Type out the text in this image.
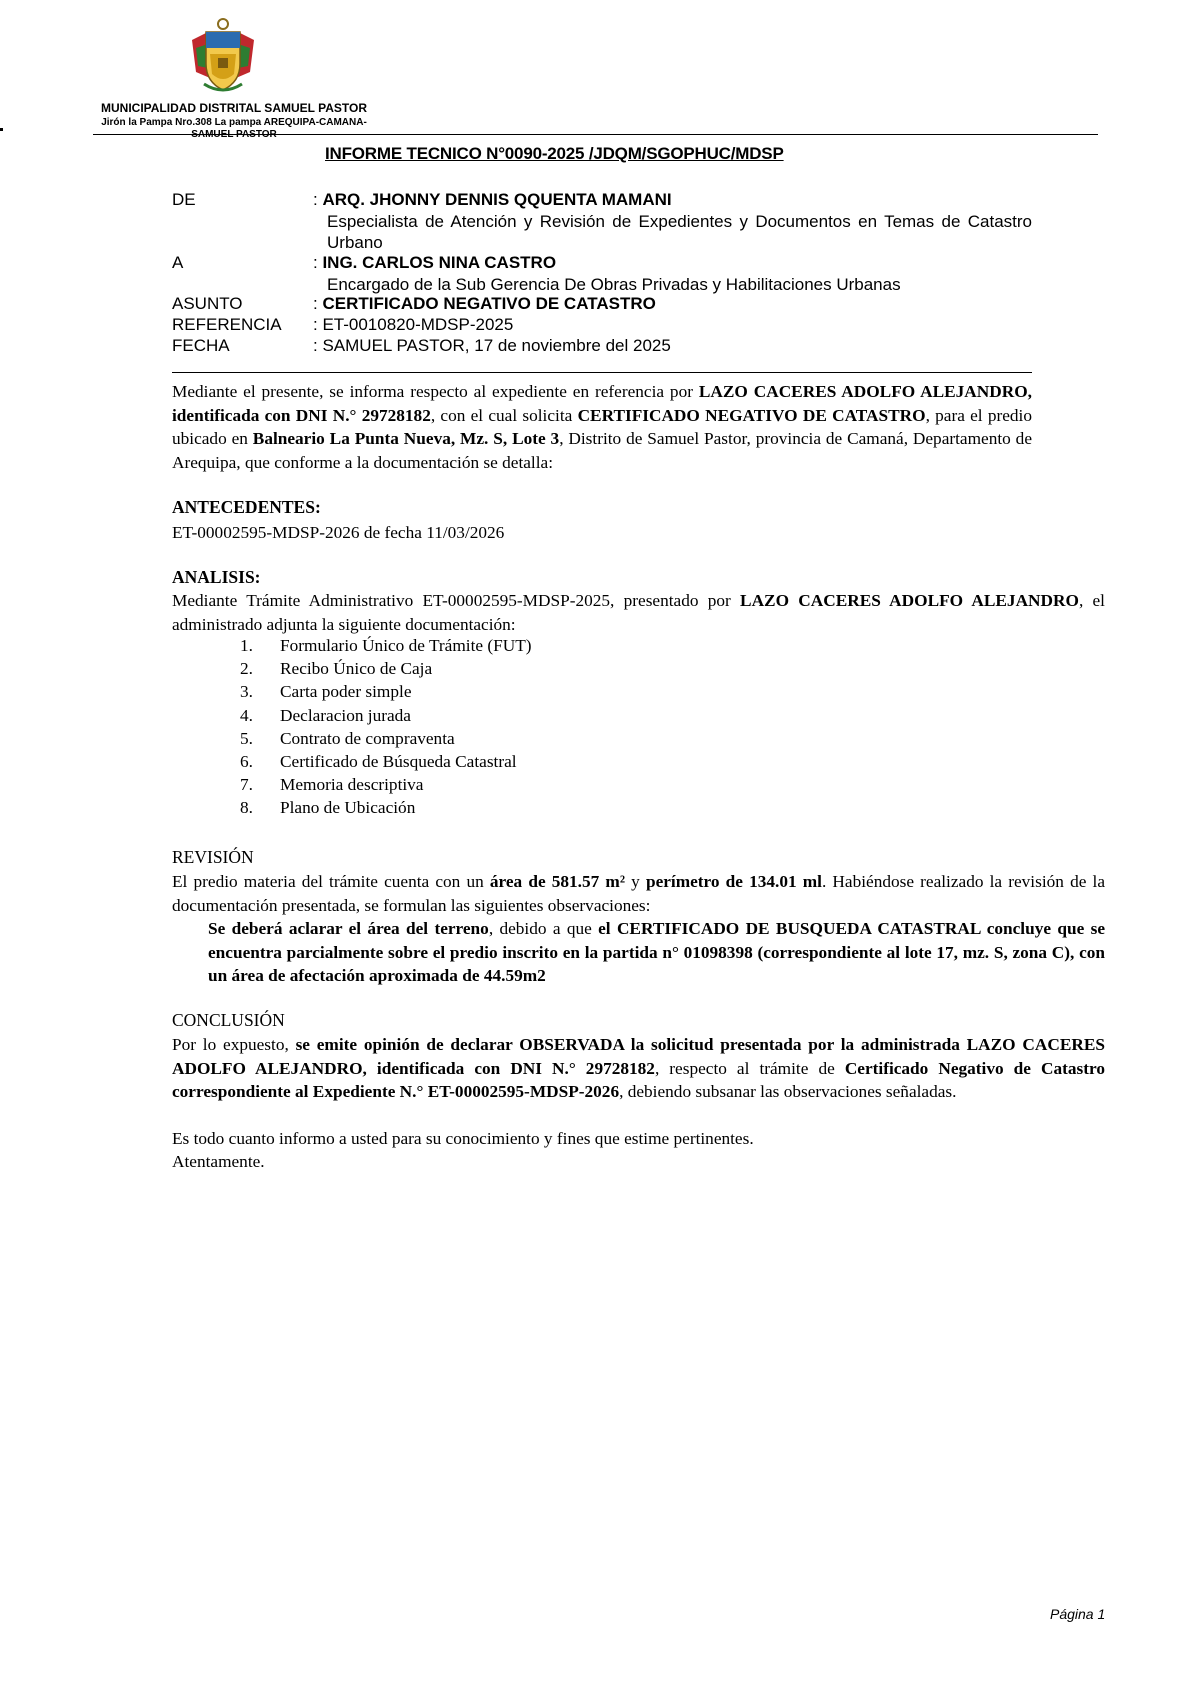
MUNICIPALIDAD DISTRITAL SAMUEL PASTOR
Jirón la Pampa Nro.308 La pampa AREQUIPA-CAMANA-
SAMUEL PASTOR
INFORME TECNICO N°0090-2025 /JDQM/SGOPHUC/MDSP
DE	: ARQ. JHONNY DENNIS QQUENTA MAMANI
Especialista de Atención y Revisión de Expedientes y Documentos en Temas de Catastro Urbano
A	: ING. CARLOS NINA CASTRO
Encargado de la Sub Gerencia De Obras Privadas y Habilitaciones Urbanas
ASUNTO	: CERTIFICADO NEGATIVO DE CATASTRO
REFERENCIA : ET-0010820-MDSP-2025
FECHA	: SAMUEL PASTOR, 17 de noviembre del 2025
Mediante el presente, se informa respecto al expediente en referencia por LAZO CACERES ADOLFO ALEJANDRO, identificada con DNI N.° 29728182, con el cual solicita CERTIFICADO NEGATIVO DE CATASTRO, para el predio ubicado en Balneario La Punta Nueva, Mz. S, Lote 3, Distrito de Samuel Pastor, provincia de Camaná, Departamento de Arequipa, que conforme a la documentación se detalla:
ANTECEDENTES:
ET-00002595-MDSP-2026 de fecha 11/03/2026
ANALISIS:
Mediante Trámite Administrativo ET-00002595-MDSP-2025, presentado por LAZO CACERES ADOLFO ALEJANDRO, el administrado adjunta la siguiente documentación:
1.	Formulario Único de Trámite (FUT)
2.	Recibo Único de Caja
3.	Carta poder simple
4.	Declaracion jurada
5.	Contrato de compraventa
6.	Certificado de Búsqueda Catastral
7.	Memoria descriptiva
8.	Plano de Ubicación
REVISIÓN
El predio materia del trámite cuenta con un área de 581.57 m² y perímetro de 134.01 ml. Habiéndose realizado la revisión de la documentación presentada, se formulan las siguientes observaciones:
Se deberá aclarar el área del terreno, debido a que el CERTIFICADO DE BUSQUEDA CATASTRAL concluye que se encuentra parcialmente sobre el predio inscrito en la partida n° 01098398 (correspondiente al lote 17, mz. S, zona C), con un área de afectación aproximada de 44.59m2
CONCLUSIÓN
Por lo expuesto, se emite opinión de declarar OBSERVADA la solicitud presentada por la administrada LAZO CACERES ADOLFO ALEJANDRO, identificada con DNI N.° 29728182, respecto al trámite de Certificado Negativo de Catastro correspondiente al Expediente N.° ET-00002595-MDSP-2026, debiendo subsanar las observaciones señaladas.
Es todo cuanto informo a usted para su conocimiento y fines que estime pertinentes.
Atentamente.
Página 1
